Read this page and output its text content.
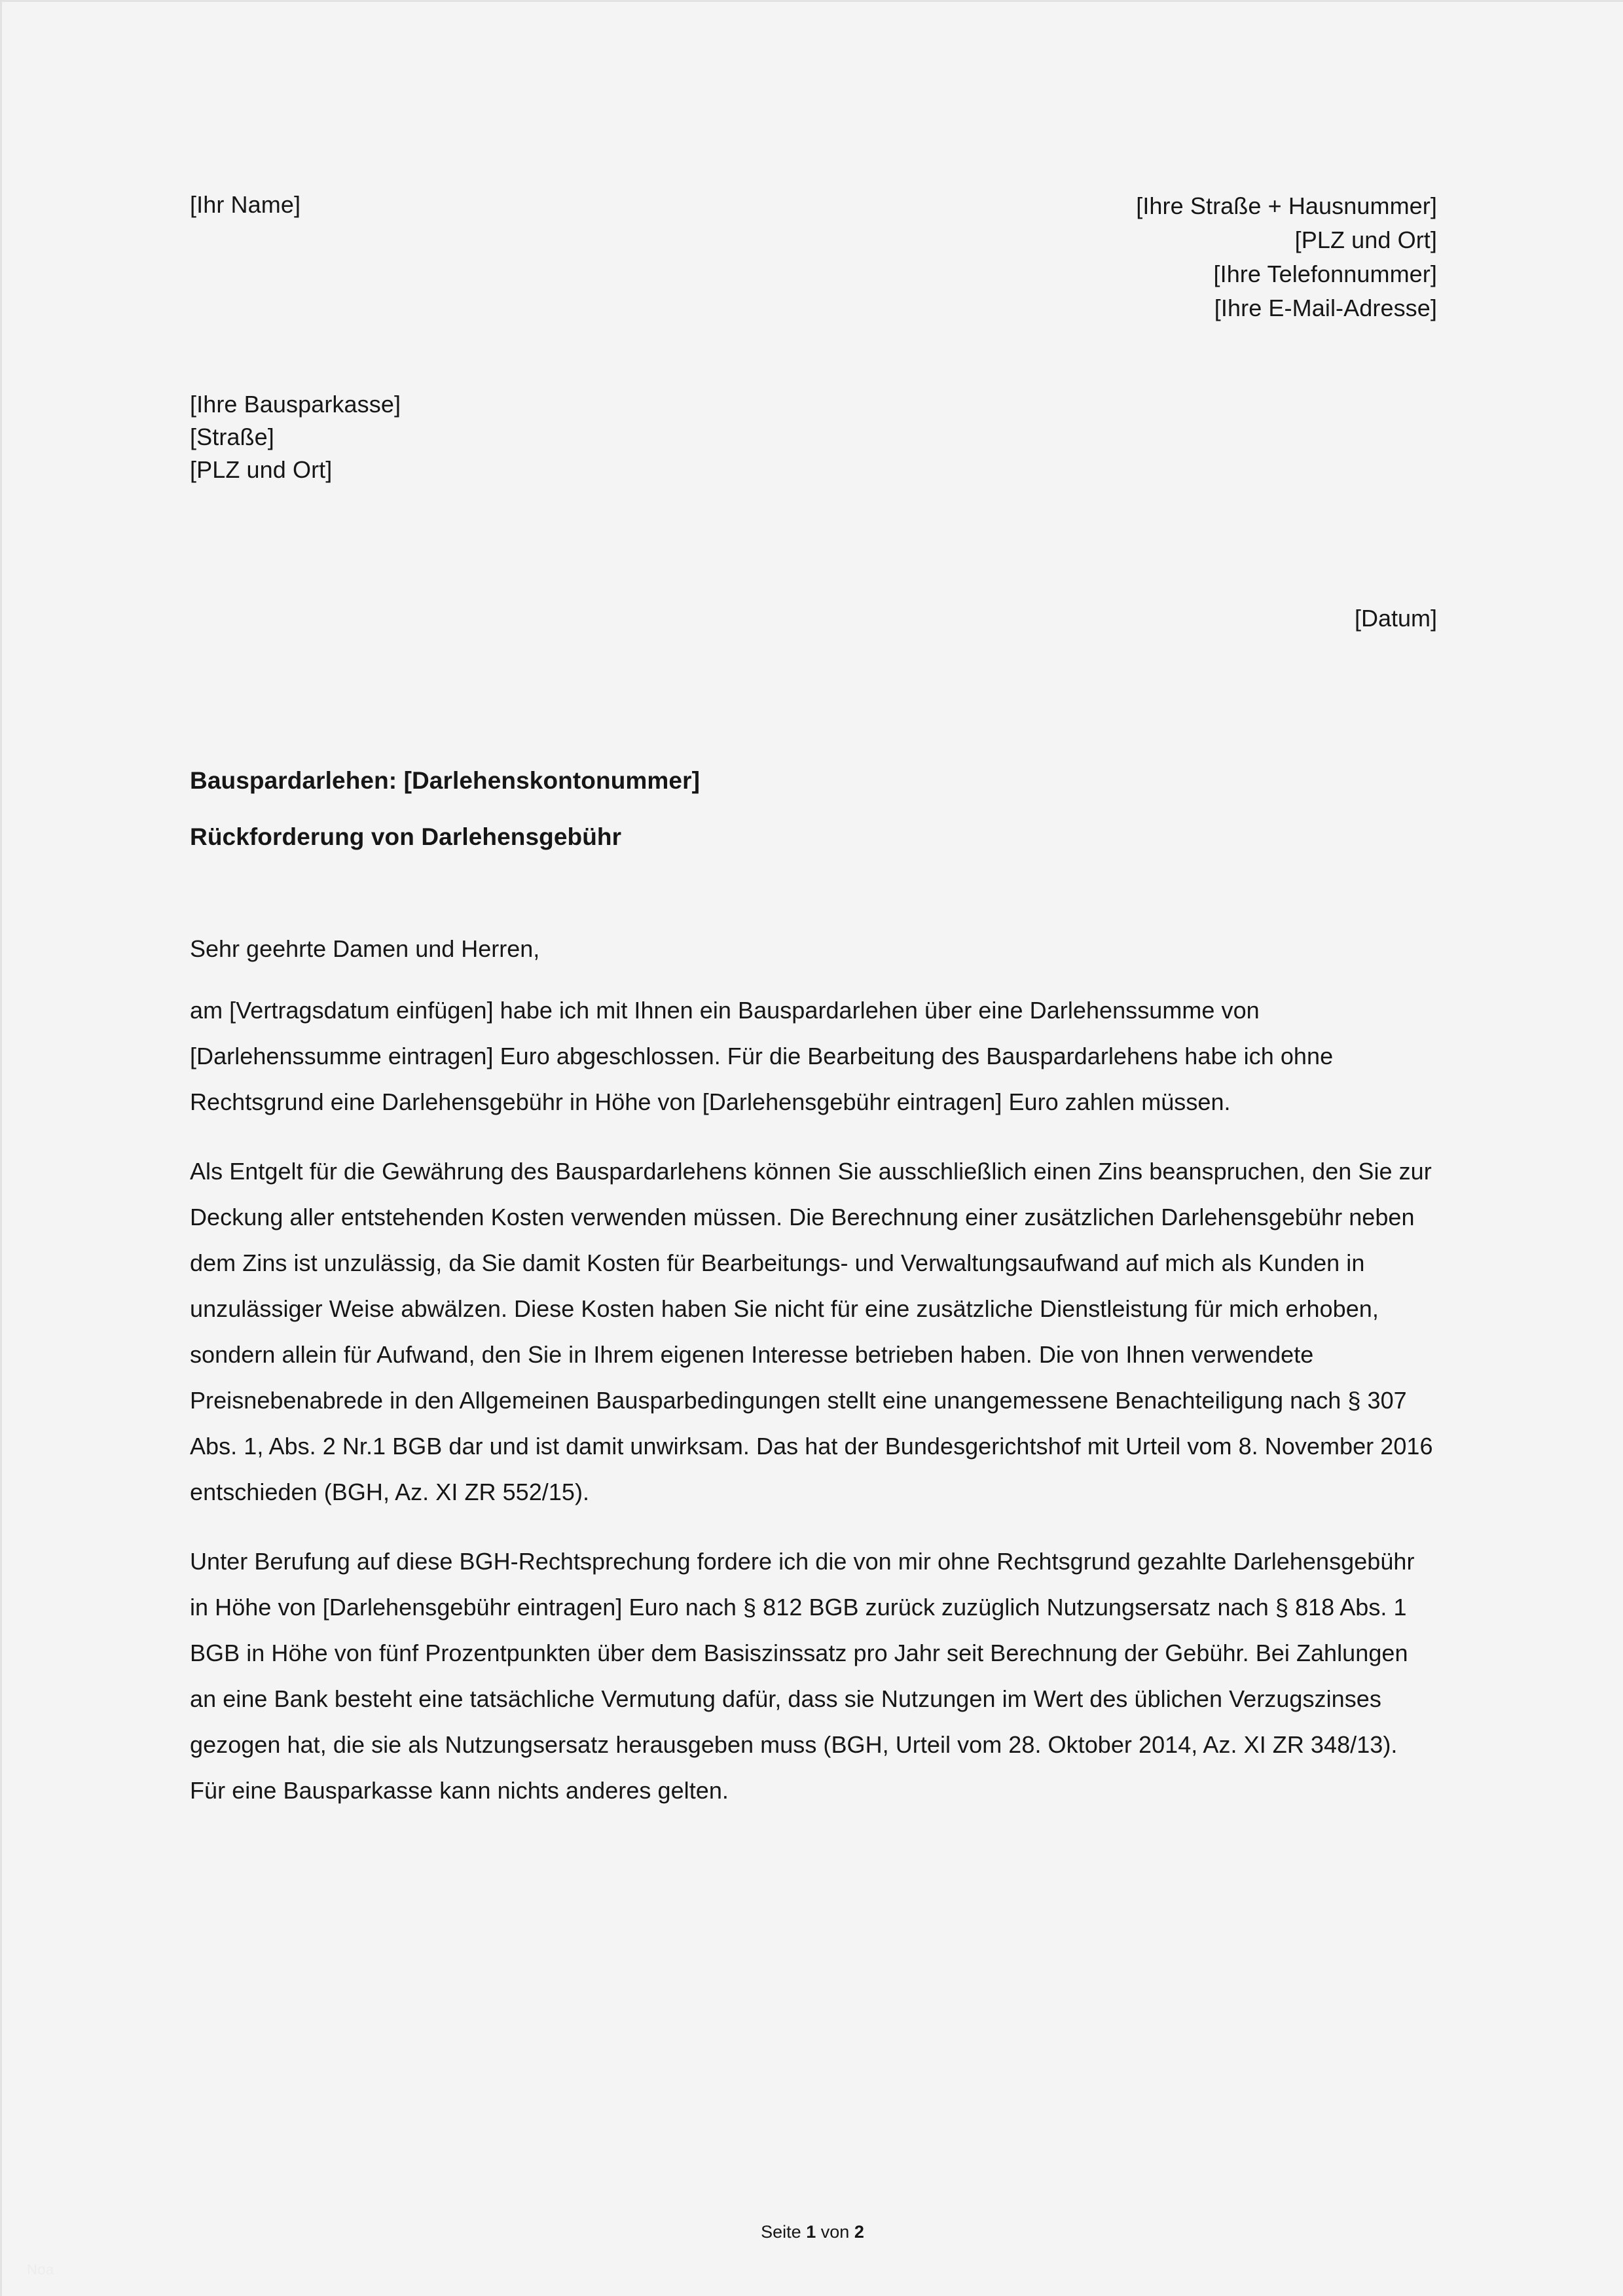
[Ihr Name]	[Ihre Straße + Hausnummer]
[PLZ und Ort]
[Ihre Telefonnummer]
[Ihre E-Mail-Adresse]
[Ihre Bausparkasse]
[Straße]
[PLZ und Ort]
[Datum]
Bauspardarlehen: [Darlehenskontonummer]
Rückforderung von Darlehensgebühr
Sehr geehrte Damen und Herren,

am [Vertragsdatum einfügen] habe ich mit Ihnen ein Bauspardarlehen über eine Darlehenssumme von [Darlehenssumme eintragen] Euro abgeschlossen. Für die Bearbeitung des Bauspardarlehens habe ich ohne Rechtsgrund eine Darlehensgebühr in Höhe von [Darlehensgebühr eintragen] Euro zahlen müssen.

Als Entgelt für die Gewährung des Bauspardarlehens können Sie ausschließlich einen Zins beanspruchen, den Sie zur Deckung aller entstehenden Kosten verwenden müssen. Die Berechnung einer zusätzlichen Darlehensgebühr neben dem Zins ist unzulässig, da Sie damit Kosten für Bearbeitungs- und Verwaltungsaufwand auf mich als Kunden in unzulässiger Weise abwälzen. Diese Kosten haben Sie nicht für eine zusätzliche Dienstleistung für mich erhoben, sondern allein für Aufwand, den Sie in Ihrem eigenen Interesse betrieben haben. Die von Ihnen verwendete Preisnebenabrede in den Allgemeinen Bausparbedingungen stellt eine unangemessene Benachteiligung nach § 307 Abs. 1, Abs. 2 Nr.1 BGB dar und ist damit unwirksam. Das hat der Bundesgerichtshof mit Urteil vom 8. November 2016 entschieden (BGH, Az. XI ZR 552/15).

Unter Berufung auf diese BGH-Rechtsprechung fordere ich die von mir ohne Rechtsgrund gezahlte Darlehensgebühr in Höhe von [Darlehensgebühr eintragen] Euro nach § 812 BGB zurück zuzüglich Nutzungsersatz nach § 818 Abs. 1 BGB in Höhe von fünf Prozentpunkten über dem Basiszinssatz pro Jahr seit Berechnung der Gebühr. Bei Zahlungen an eine Bank besteht eine tatsächliche Vermutung dafür, dass sie Nutzungen im Wert des üblichen Verzugszinses gezogen hat, die sie als Nutzungsersatz herausgeben muss (BGH, Urteil vom 28. Oktober 2014, Az. XI ZR 348/13). Für eine Bausparkasse kann nichts anderes gelten.

Seite 1 von 2
Noa
